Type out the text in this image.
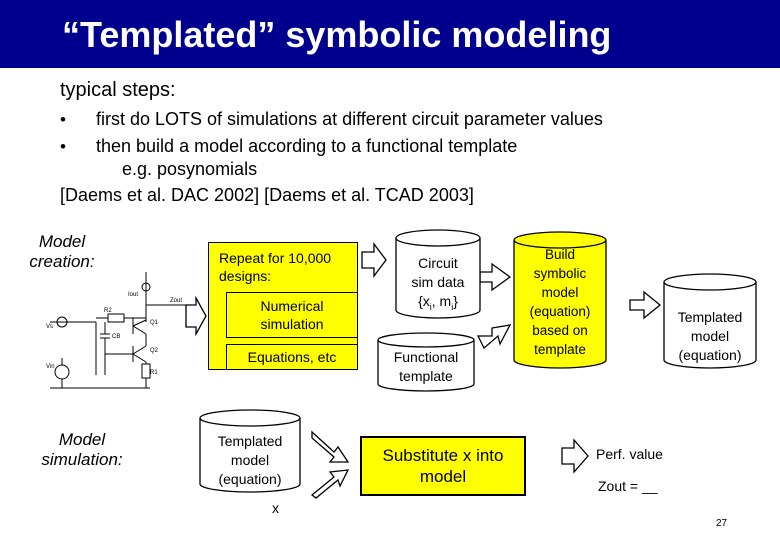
“Templated” symbolic modeling
typical steps:
• first do LOTS of simulations at different circuit parameter values
• then build a model according to a functional template
e.g. posynomials
[Daems et al. DAC 2002] [Daems et al. TCAD 2003]
Model
creation:
Model
simulation:
Iout
Zout
R2
Vs
Q1
CB
Q2
Vin
R1
Repeat for 10,000
designs:
Numerical
simulation
Equations, etc
Circuit
sim data
{$x_i$, $m_i$}
Functional
template
Build
symbolic
model
(equation)
based on
template
Templated
model
(equation)
Templated
model
(equation)
x
Substitute x into
model
Perf. value
Zout = __
27
